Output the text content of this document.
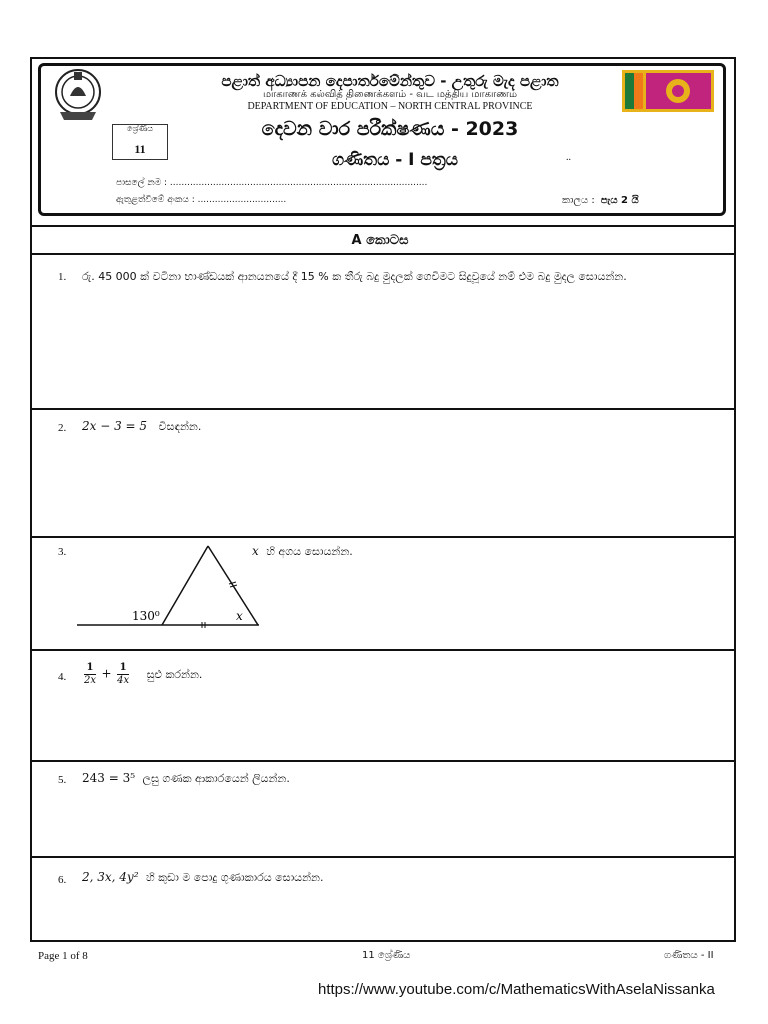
පළාත් අධ්‍යාපන දෙපාර්තමේන්තුව - උතුරු මැද පළාත
மாகாணக் கல்வித் திணைக்களம் - வட மத்திய மாகாணம்
DEPARTMENT OF EDUCATION – NORTH CENTRAL PROVINCE
ශ්‍රේණිය
11
දෙවන වාර පරීක්ෂණය - 2023
ගණිතය - I පත්‍රය	..
පාසලේ නම : ..........................................................................................
ඇතුළත්වීමේ අංකය : ...............................	කාලය : පැය 2 යි
A කොටස
1. රු. 45 000 ක් වටිනා භාණ්ඩයක් ආනයනයේ දී 15 % ක තීරු බදු මුදලක් ගෙවීමට සිදුවූයේ නම් එම බදු මුදල සොයන්න.
2. 2x − 3 = 5 විසඳන්න.
3.
130⁰	x
x හි අගය සොයන්න.
4. $\frac{1}{2x} + \frac{1}{4x}$ සුළු කරන්න.
5. 243 = 3⁵ ලඝු ගණක ආකාරයෙන් ලියන්න.
6. 2, 3x, 4y² හි කුඩා ම පොදු ගුණාකාරය සොයන්න.
Page 1 of 8	11 ශ්‍රේණිය	ගණිතය - II
https://www.youtube.com/c/MathematicsWithAselaNissanka
